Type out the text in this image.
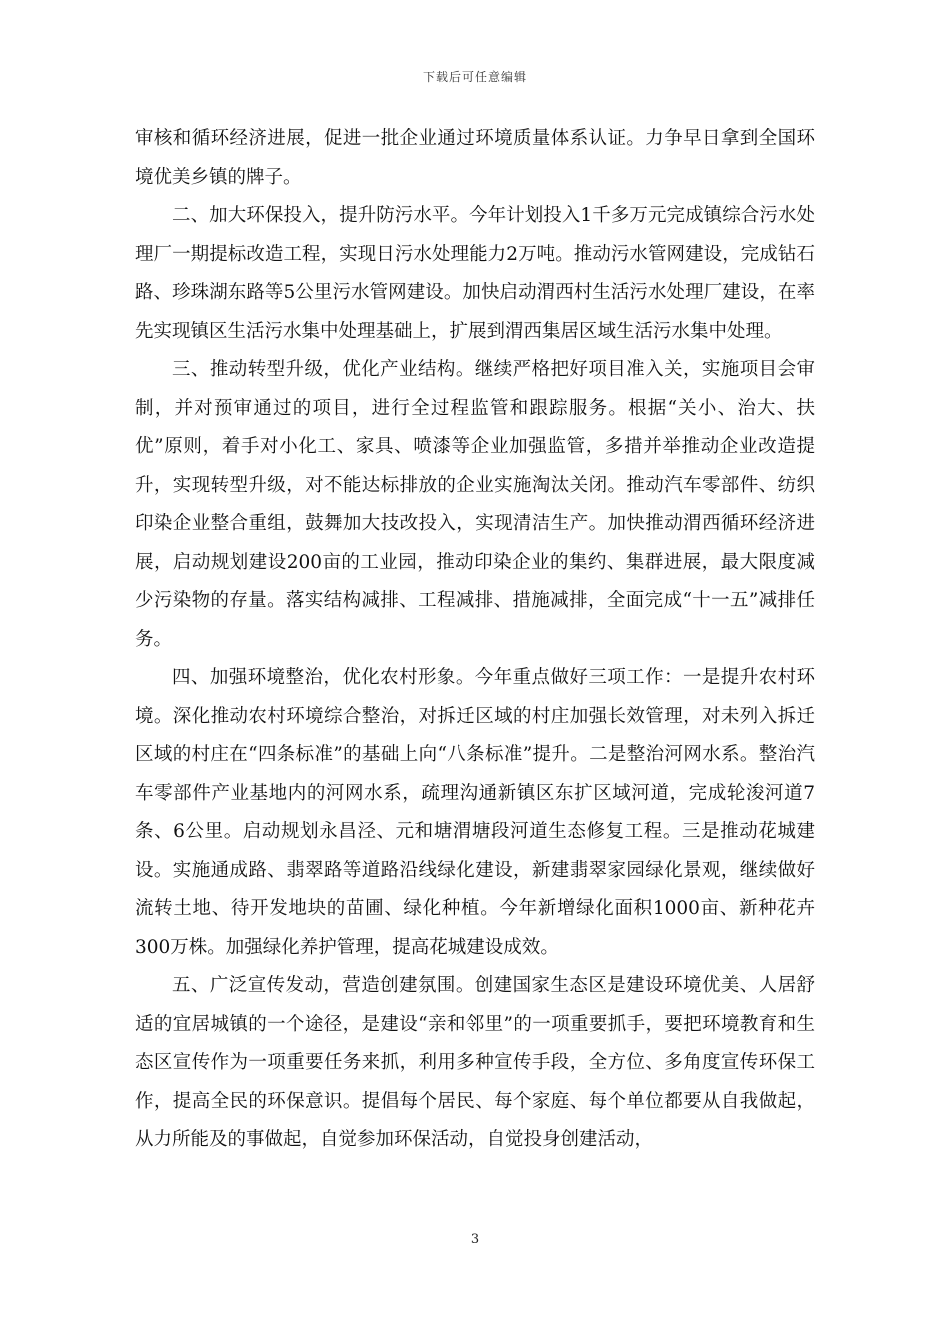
下载后可任意编辑

审核和循环经济进展，促进一批企业通过环境质量体系认证。力争早日拿到全国环境优美乡镇的牌子。

二、加大环保投入，提升防污水平。今年计划投入1千多万元完成镇综合污水处理厂一期提标改造工程，实现日污水处理能力2万吨。推动污水管网建设，完成钻石路、珍珠湖东路等5公里污水管网建设。加快启动渭西村生活污水处理厂建设，在率先实现镇区生活污水集中处理基础上，扩展到渭西集居区域生活污水集中处理。

三、推动转型升级，优化产业结构。继续严格把好项目准入关，实施项目会审制，并对预审通过的项目，进行全过程监管和跟踪服务。根据“关小、治大、扶优”原则，着手对小化工、家具、喷漆等企业加强监管，多措并举推动企业改造提升，实现转型升级，对不能达标排放的企业实施淘汰关闭。推动汽车零部件、纺织印染企业整合重组，鼓舞加大技改投入，实现清洁生产。加快推动渭西循环经济进展，启动规划建设200亩的工业园，推动印染企业的集约、集群进展，最大限度减少污染物的存量。落实结构减排、工程减排、措施减排，全面完成“十一五”减排任务。

四、加强环境整治，优化农村形象。今年重点做好三项工作：一是提升农村环境。深化推动农村环境综合整治，对拆迁区域的村庄加强长效管理，对未列入拆迁区域的村庄在“四条标准”的基础上向“八条标准”提升。二是整治河网水系。整治汽车零部件产业基地内的河网水系，疏理沟通新镇区东扩区域河道，完成轮浚河道7条、6公里。启动规划永昌泾、元和塘渭塘段河道生态修复工程。三是推动花城建设。实施通成路、翡翠路等道路沿线绿化建设，新建翡翠家园绿化景观，继续做好流转土地、待开发地块的苗圃、绿化种植。今年新增绿化面积1000亩、新种花卉300万株。加强绿化养护管理，提高花城建设成效。

五、广泛宣传发动，营造创建氛围。创建国家生态区是建设环境优美、人居舒适的宜居城镇的一个途径，是建设“亲和邻里”的一项重要抓手，要把环境教育和生态区宣传作为一项重要任务来抓，利用多种宣传手段，全方位、多角度宣传环保工作，提高全民的环保意识。提倡每个居民、每个家庭、每个单位都要从自我做起，从力所能及的事做起，自觉参加环保活动，自觉投身创建活动，

3
